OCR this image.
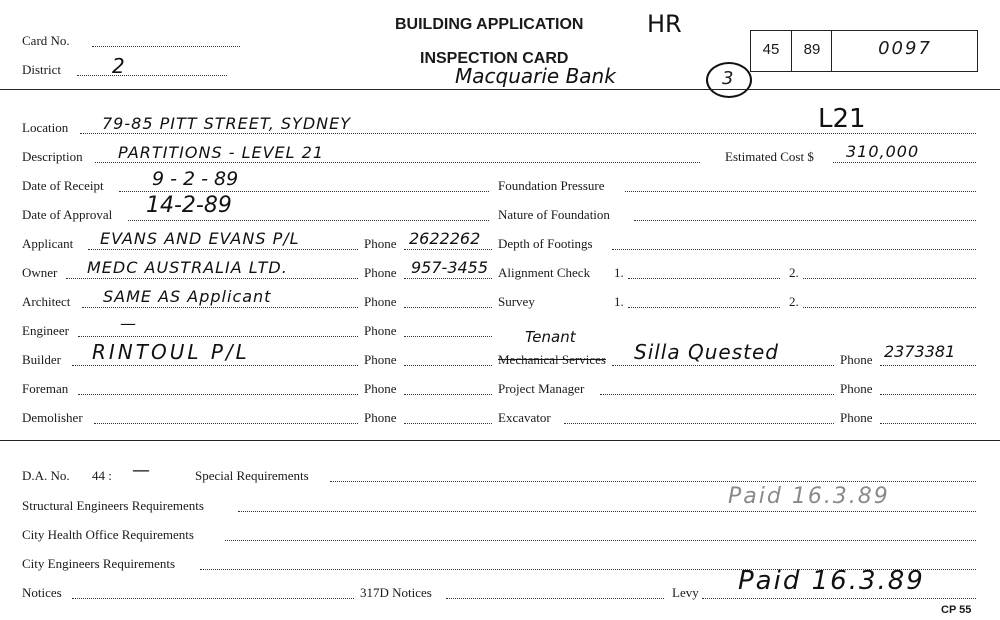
Card No.
District	2
BUILDING APPLICATION
INSPECTION CARD
HR
Macquarie Bank	3
45	89	0097
Location 79-85 PITT STREET, SYDNEY	L21
Description PARTITIONS - LEVEL 21	Estimated Cost $ 310,000
Date of Receipt	9 - 2 - 89	Foundation Pressure
Date of Approval 14-2-89	Nature of Foundation
Applicant EVANS AND EVANS P/L	Phone 2622262 Depth of Footings
Owner MEDC AUSTRALIA LTD.	Phone 957-3455 Alignment Check 1.	2.
Architect SAME AS Applicant	Phone	Survey	1.	2.
Engineer	—	Phone
Builder RINTOUL P/L	Phone
Tenant
Mechanical Services Silla Quested	Phone 2373381
Foreman	Phone	Project Manager	Phone
Demolisher	Phone	Excavator	Phone
D.A. No. 44 : —	Special Requirements
Structural Engineers Requirements	Paid 16.3.89
City Health Office Requirements
City Engineers Requirements
Notices	317D Notices	Levy Paid 16.3.89
CP 55
